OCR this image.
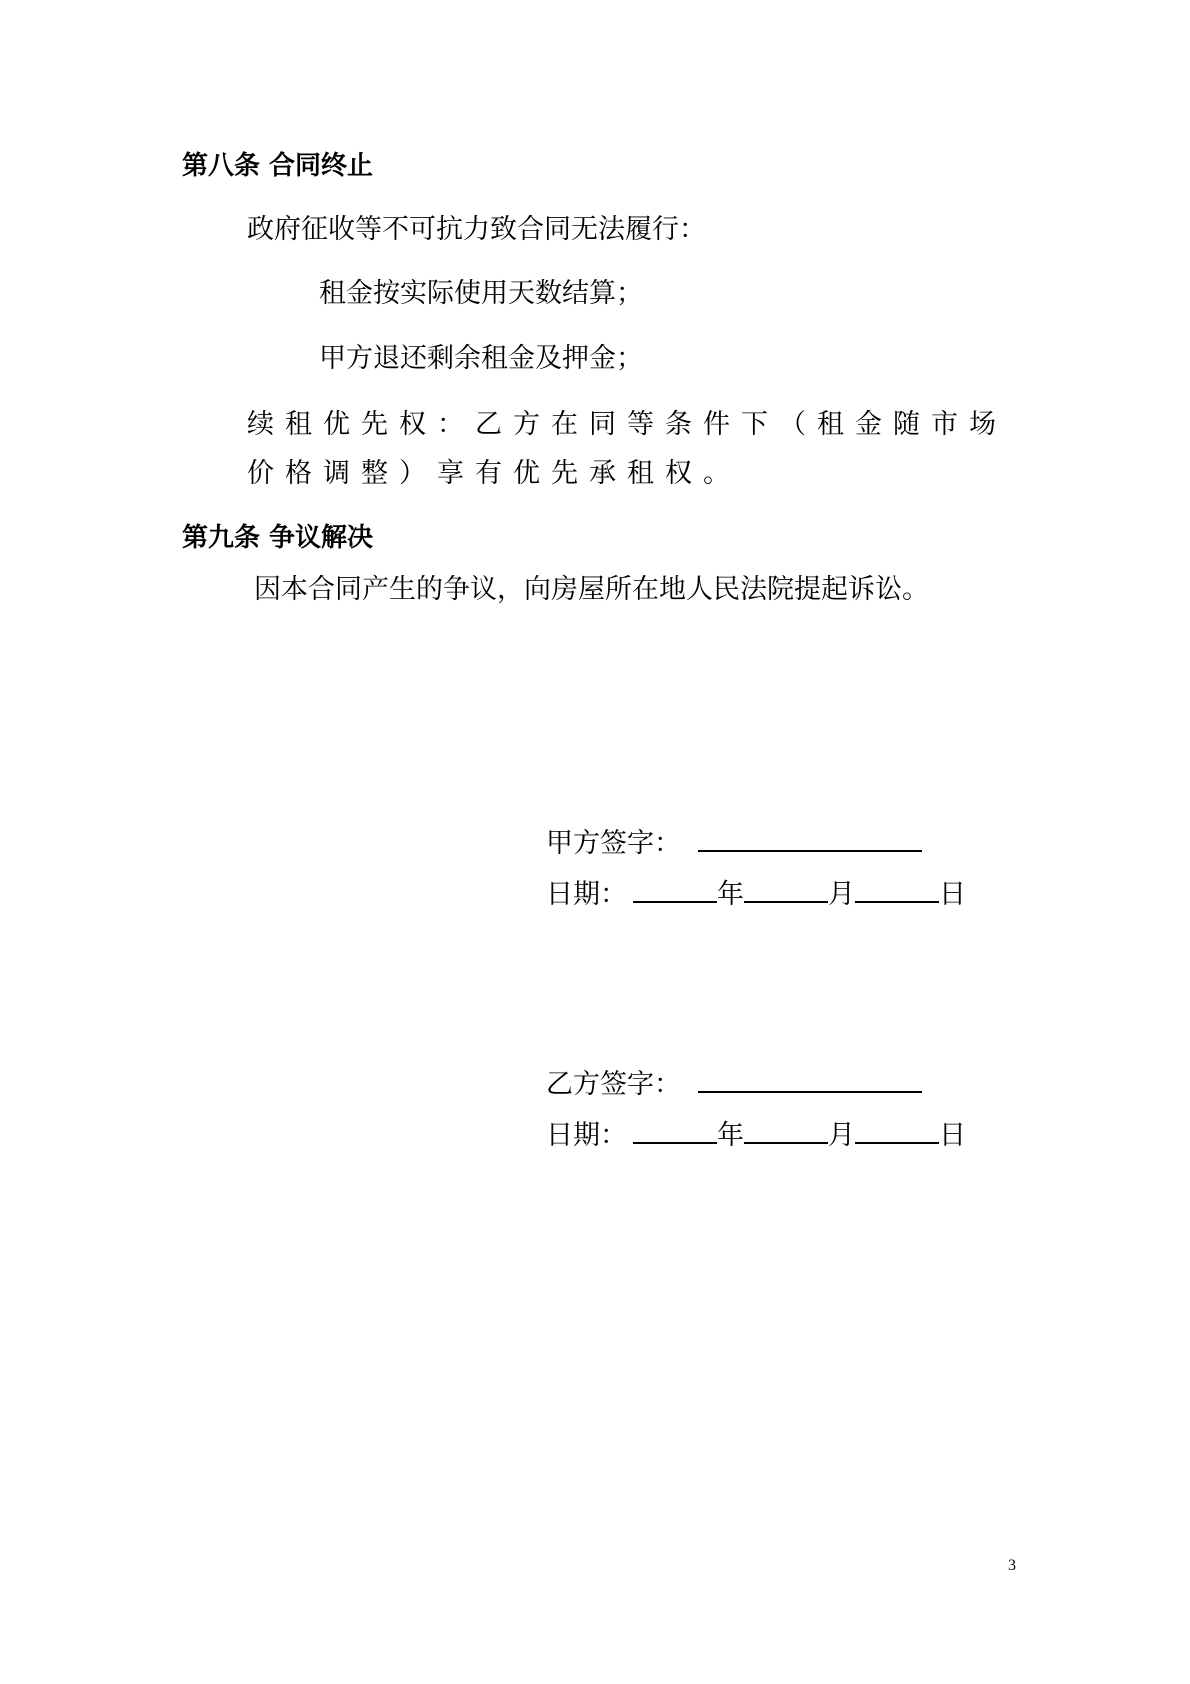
第八条 合同终止
政府征收等不可抗力致合同无法履行：
租金按实际使用天数结算；
甲方退还剩余租金及押金；
续租优先权：乙方在同等条件下（租金随市场价格调整）享有优先承租权。
第九条 争议解决
因本合同产生的争议，向房屋所在地人民法院提起诉讼。
甲方签字：
日期：	年	月	日
乙方签字：
日期：	年	月	日
3
